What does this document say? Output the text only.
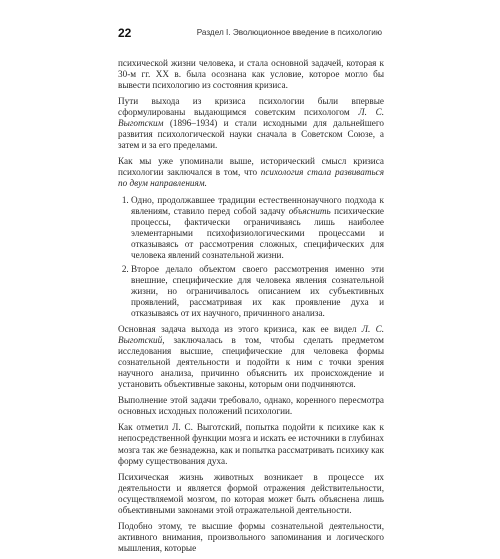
22	Раздел I. Эволюционное введение в психологию

психической жизни человека, и стала основной задачей, которая к 30-м гг. XX в. была осознана как условие, которое могло бы вывести психологию из состояния кризиса.

Пути выхода из кризиса психологии были впервые сформулированы выдающимся советским психологом Л. С. Выготским (1896–1934) и стали исходными для дальнейшего развития психологической науки сначала в Советском Союзе, а затем и за его пределами.

Как мы уже упоминали выше, исторический смысл кризиса психологии заключался в том, что психология стала развиваться по двум направлениям.

1. Одно, продолжавшее традиции естественнонаучного подхода к явлениям, ставило перед собой задачу объяснить психические процессы, фактически ограничиваясь лишь наиболее элементарными психофизиологическими процессами и отказываясь от рассмотрения сложных, специфических для человека явлений сознательной жизни.
2. Второе делало объектом своего рассмотрения именно эти внешние, специфические для человека явления сознательной жизни, но ограничивалось описанием их субъективных проявлений, рассматривая их как проявление духа и отказываясь от их научного, причинного анализа.

Основная задача выхода из этого кризиса, как ее видел Л. С. Выготский, заключалась в том, чтобы сделать предметом исследования высшие, специфические для человека формы сознательной деятельности и подойти к ним с точки зрения научного анализа, причинно объяснить их происхождение и установить объективные законы, которым они подчиняются.

Выполнение этой задачи требовало, однако, коренного пересмотра основных исходных положений психологии.

Как отметил Л. С. Выготский, попытка подойти к психике как к непосредственной функции мозга и искать ее источники в глубинах мозга так же безнадежна, как и попытка рассматривать психику как форму существования духа.

Психическая жизнь животных возникает в процессе их деятельности и является формой отражения действительности, осуществляемой мозгом, по которая может быть объяснена лишь объективными законами этой отражательной деятельности.

Подобно этому, те высшие формы сознательной деятельности, активного внимания, произвольного запоминания и логического мышления, которые
